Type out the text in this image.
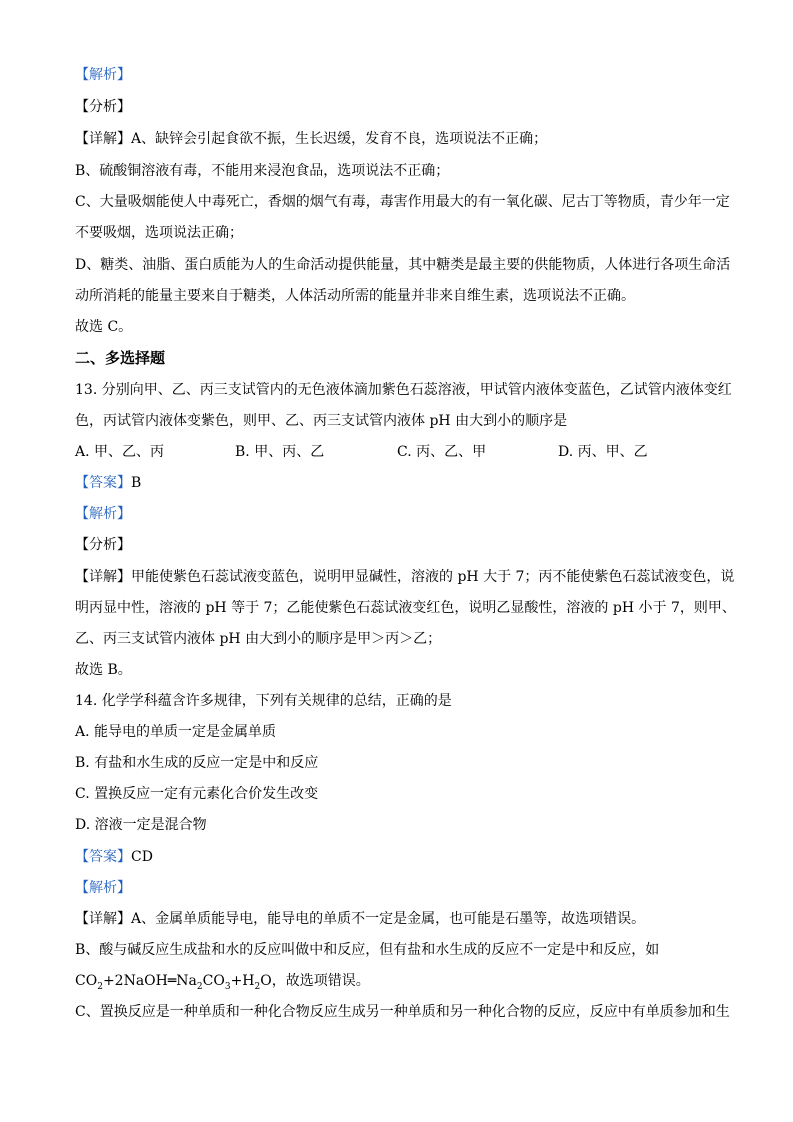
【解析】
【分析】
【详解】A、缺锌会引起食欲不振，生长迟缓，发育不良，选项说法不正确；
B、硫酸铜溶液有毒，不能用来浸泡食品，选项说法不正确；
C、大量吸烟能使人中毒死亡，香烟的烟气有毒，毒害作用最大的有一氧化碳、尼古丁等物质，青少年一定
不要吸烟，选项说法正确；
D、糖类、油脂、蛋白质能为人的生命活动提供能量，其中糖类是最主要的供能物质，人体进行各项生命活
动所消耗的能量主要来自于糖类，人体活动所需的能量并非来自维生素，选项说法不正确。
故选 C。
二、多选择题
13. 分别向甲、乙、丙三支试管内的无色液体滴加紫色石蕊溶液，甲试管内液体变蓝色，乙试管内液体变红
色，丙试管内液体变紫色，则甲、乙、丙三支试管内液体 pH 由大到小的顺序是
A. 甲、乙、丙	B. 甲、丙、乙	C. 丙、乙、甲	D. 丙、甲、乙
【答案】B
【解析】
【分析】
【详解】甲能使紫色石蕊试液变蓝色，说明甲显碱性，溶液的 pH 大于 7；丙不能使紫色石蕊试液变色，说
明丙显中性，溶液的 pH 等于 7；乙能使紫色石蕊试液变红色，说明乙显酸性，溶液的 pH 小于 7，则甲、
乙、丙三支试管内液体 pH 由大到小的顺序是甲＞丙＞乙；
故选 B。
14. 化学学科蕴含许多规律，下列有关规律的总结，正确的是
A. 能导电的单质一定是金属单质
B. 有盐和水生成的反应一定是中和反应
C. 置换反应一定有元素化合价发生改变
D. 溶液一定是混合物
【答案】CD
【解析】
【详解】A、金属单质能导电，能导电的单质不一定是金属，也可能是石墨等，故选项错误。
B、酸与碱反应生成盐和水的反应叫做中和反应，但有盐和水生成的反应不一定是中和反应，如
$CO_2+2NaOH═Na_2CO_3+H_2O$，故选项错误。
C、置换反应是一种单质和一种化合物反应生成另一种单质和另一种化合物的反应，反应中有单质参加和生
